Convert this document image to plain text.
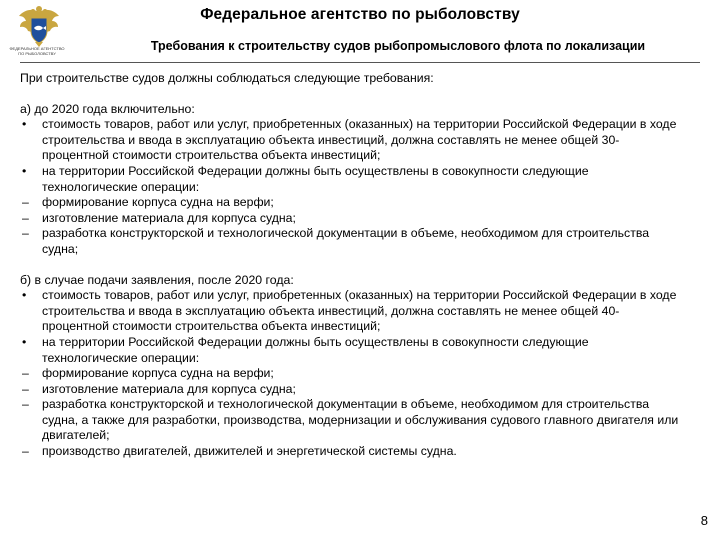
ФЕДЕРАЛЬНОЕ АГЕНТСТВО ПО РЫБОЛОВСТВУ
Федеральное агентство по рыболовству
Требования к строительству судов рыбопромыслового флота по локализации

При строительстве судов должны соблюдаться следующие требования:

а) до 2020 года включительно:

•	стоимость товаров, работ или услуг, приобретенных (оказанных) на территории Российской Федерации в ходе строительства и ввода в эксплуатацию объекта инвестиций, должна составлять не менее общей 30-процентной стоимости строительства объекта инвестиций;
•	на территории Российской Федерации должны быть осуществлены в совокупности следующие технологические операции:
–	формирование корпуса судна на верфи;
–	изготовление материала для корпуса судна;
–	разработка конструкторской и технологической документации в объеме, необходимом для строительства судна;

б) в случае подачи заявления, после 2020 года:

•	стоимость товаров, работ или услуг, приобретенных (оказанных) на территории Российской Федерации в ходе строительства и ввода в эксплуатацию объекта инвестиций, должна составлять не менее общей 40-процентной стоимости строительства объекта инвестиций;
•	на территории Российской Федерации должны быть осуществлены в совокупности следующие технологические операции:
–	формирование корпуса судна на верфи;
–	изготовление материала для корпуса судна;
–	разработка конструкторской и технологической документации в объеме, необходимом для строительства судна, а также для разработки, производства, модернизации и обслуживания судового главного двигателя или двигателей;
–	производство двигателей, движителей и энергетической системы судна.
8
